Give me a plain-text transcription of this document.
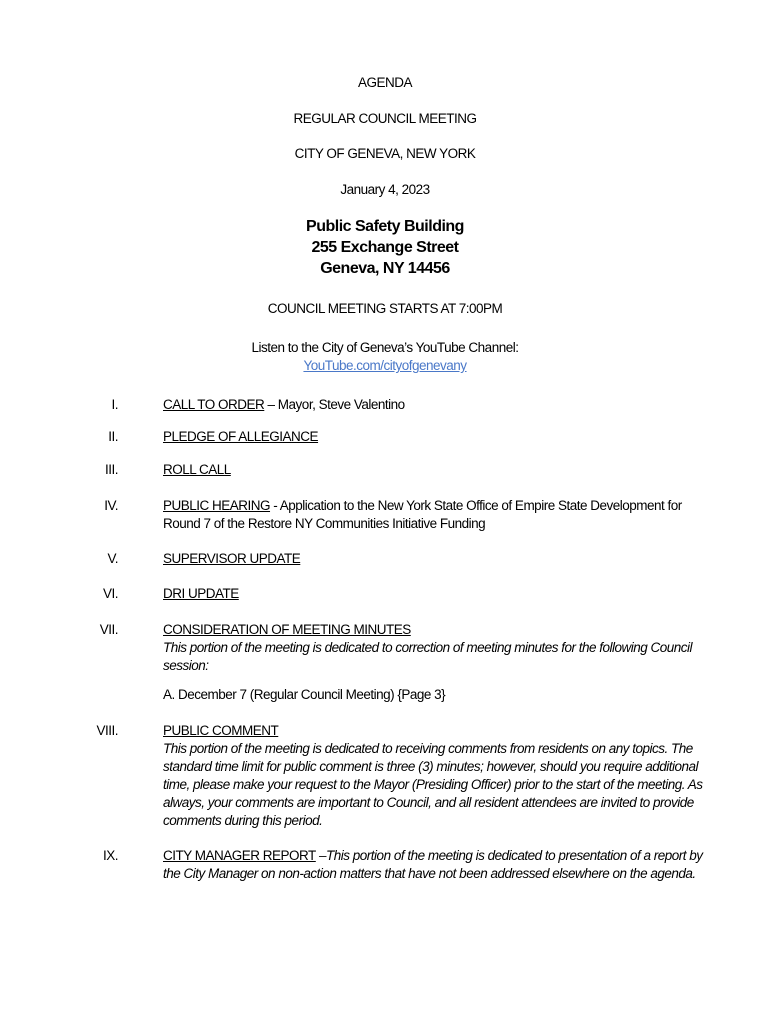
AGENDA
REGULAR COUNCIL MEETING
CITY OF GENEVA, NEW YORK
January 4, 2023
Public Safety Building
255 Exchange Street
Geneva, NY 14456
COUNCIL MEETING STARTS AT 7:00PM
Listen to the City of Geneva’s YouTube Channel:
YouTube.com/cityofgenevany
I.	CALL TO ORDER – Mayor, Steve Valentino
II.	PLEDGE OF ALLEGIANCE
III.	ROLL CALL
IV.	PUBLIC HEARING - Application to the New York State Office of Empire State Development for Round 7 of the Restore NY Communities Initiative Funding
V.	SUPERVISOR UPDATE
VI.	DRI UPDATE
VII.	CONSIDERATION OF MEETING MINUTES
This portion of the meeting is dedicated to correction of meeting minutes for the following Council session:
A. December 7 (Regular Council Meeting) {Page 3}
VIII.	PUBLIC COMMENT
This portion of the meeting is dedicated to receiving comments from residents on any topics. The standard time limit for public comment is three (3) minutes; however, should you require additional time, please make your request to the Mayor (Presiding Officer) prior to the start of the meeting. As always, your comments are important to Council, and all resident attendees are invited to provide comments during this period.
IX.	CITY MANAGER REPORT –This portion of the meeting is dedicated to presentation of a report by the City Manager on non-action matters that have not been addressed elsewhere on the agenda.
